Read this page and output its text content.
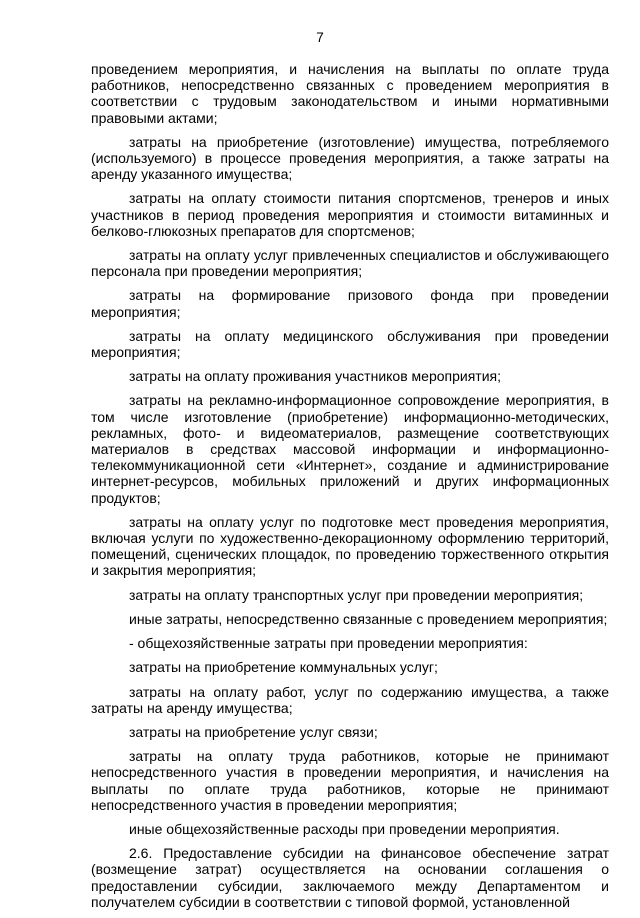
7

проведением мероприятия, и начисления на выплаты по оплате труда работников, непосредственно связанных с проведением мероприятия в соответствии с трудовым законодательством и иными нормативными правовыми актами;

затраты на приобретение (изготовление) имущества, потребляемого (используемого) в процессе проведения мероприятия, а также затраты на аренду указанного имущества;

затраты на оплату стоимости питания спортсменов, тренеров и иных участников в период проведения мероприятия и стоимости витаминных и белково-глюкозных препаратов для спортсменов;

затраты на оплату услуг привлеченных специалистов и обслуживающего персонала при проведении мероприятия;

затраты на формирование призового фонда при проведении мероприятия;

затраты на оплату медицинского обслуживания при проведении мероприятия;

затраты на оплату проживания участников мероприятия;

затраты на рекламно-информационное сопровождение мероприятия, в том числе изготовление (приобретение) информационно-методических, рекламных, фото- и видеоматериалов, размещение соответствующих материалов в средствах массовой информации и информационно-телекоммуникационной сети «Интернет», создание и администрирование интернет-ресурсов, мобильных приложений и других информационных продуктов;

затраты на оплату услуг по подготовке мест проведения мероприятия, включая услуги по художественно-декорационному оформлению территорий, помещений, сценических площадок, по проведению торжественного открытия и закрытия мероприятия;

затраты на оплату транспортных услуг при проведении мероприятия;

иные затраты, непосредственно связанные с проведением мероприятия;

- общехозяйственные затраты при проведении мероприятия:

затраты на приобретение коммунальных услуг;

затраты на оплату работ, услуг по содержанию имущества, а также затраты на аренду имущества;

затраты на приобретение услуг связи;

затраты на оплату труда работников, которые не принимают непосредственного участия в проведении мероприятия, и начисления на выплаты по оплате труда работников, которые не принимают непосредственного участия в проведении мероприятия;

иные общехозяйственные расходы при проведении мероприятия.

2.6. Предоставление субсидии на финансовое обеспечение затрат (возмещение затрат) осуществляется на основании соглашения о предоставлении субсидии, заключаемого между Департаментом и получателем субсидии в соответствии с типовой формой, установленной
